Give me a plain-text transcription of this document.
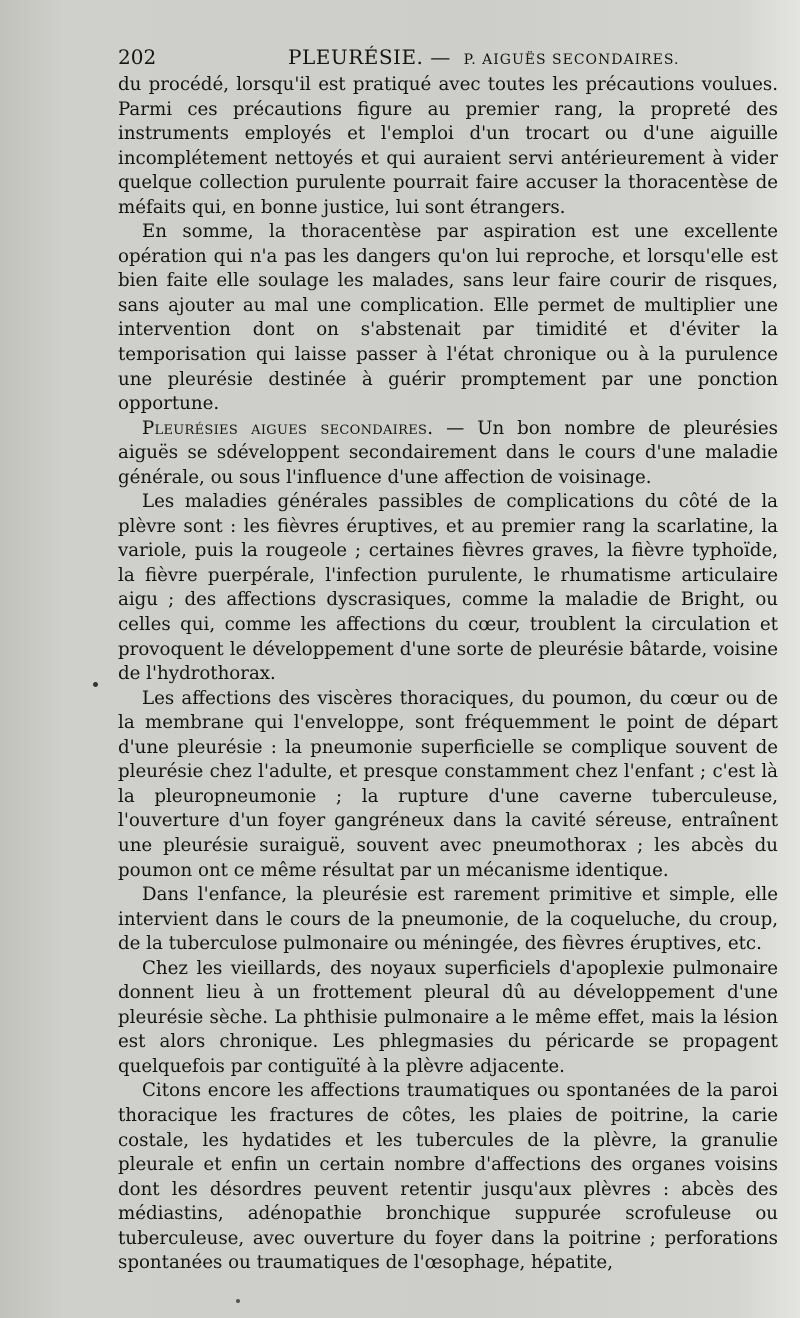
202	PLEURÉSIE. — P. AIGUËS SECONDAIRES.

du procédé, lorsqu'il est pratiqué avec toutes les précautions voulues. Parmi ces précautions figure au premier rang, la propreté des instruments employés et l'emploi d'un trocart ou d'une aiguille incomplétement nettoyés et qui auraient servi antérieurement à vider quelque collection purulente pourrait faire accuser la thoracentèse de méfaits qui, en bonne justice, lui sont étrangers.

En somme, la thoracentèse par aspiration est une excellente opération qui n'a pas les dangers qu'on lui reproche, et lorsqu'elle est bien faite elle soulage les malades, sans leur faire courir de risques, sans ajouter au mal une complication. Elle permet de multiplier une intervention dont on s'abstenait par timidité et d'éviter la temporisation qui laisse passer à l'état chronique ou à la purulence une pleurésie destinée à guérir promptement par une ponction opportune.

Pleurésies aigues secondaires. — Un bon nombre de pleurésies aiguës se sdéveloppent secondairement dans le cours d'une maladie générale, ou sous l'influence d'une affection de voisinage.

Les maladies générales passibles de complications du côté de la plèvre sont : les fièvres éruptives, et au premier rang la scarlatine, la variole, puis la rougeole ; certaines fièvres graves, la fièvre typhoïde, la fièvre puerpérale, l'infection purulente, le rhumatisme articulaire aigu ; des affections dyscrasiques, comme la maladie de Bright, ou celles qui, comme les affections du cœur, troublent la circulation et provoquent le développement d'une sorte de pleurésie bâtarde, voisine de l'hydrothorax.

Les affections des viscères thoraciques, du poumon, du cœur ou de la membrane qui l'enveloppe, sont fréquemment le point de départ d'une pleurésie : la pneumonie superficielle se complique souvent de pleurésie chez l'adulte, et presque constamment chez l'enfant ; c'est là la pleuropneumonie ; la rupture d'une caverne tuberculeuse, l'ouverture d'un foyer gangréneux dans la cavité séreuse, entraînent une pleurésie suraiguë, souvent avec pneumothorax ; les abcès du poumon ont ce même résultat par un mécanisme identique.

Dans l'enfance, la pleurésie est rarement primitive et simple, elle intervient dans le cours de la pneumonie, de la coqueluche, du croup, de la tuberculose pulmonaire ou méningée, des fièvres éruptives, etc.

Chez les vieillards, des noyaux superficiels d'apoplexie pulmonaire donnent lieu à un frottement pleural dû au développement d'une pleurésie sèche. La phthisie pulmonaire a le même effet, mais la lésion est alors chronique. Les phlegmasies du péricarde se propagent quelquefois par contiguïté à la plèvre adjacente.

Citons encore les affections traumatiques ou spontanées de la paroi thoracique les fractures de côtes, les plaies de poitrine, la carie costale, les hydatides et les tubercules de la plèvre, la granulie pleurale et enfin un certain nombre d'affections des organes voisins dont les désordres peuvent retentir jusqu'aux plèvres : abcès des médiastins, adénopathie bronchique suppurée scrofuleuse ou tuberculeuse, avec ouverture du foyer dans la poitrine ; perforations spontanées ou traumatiques de l'œsophage, hépatite,
